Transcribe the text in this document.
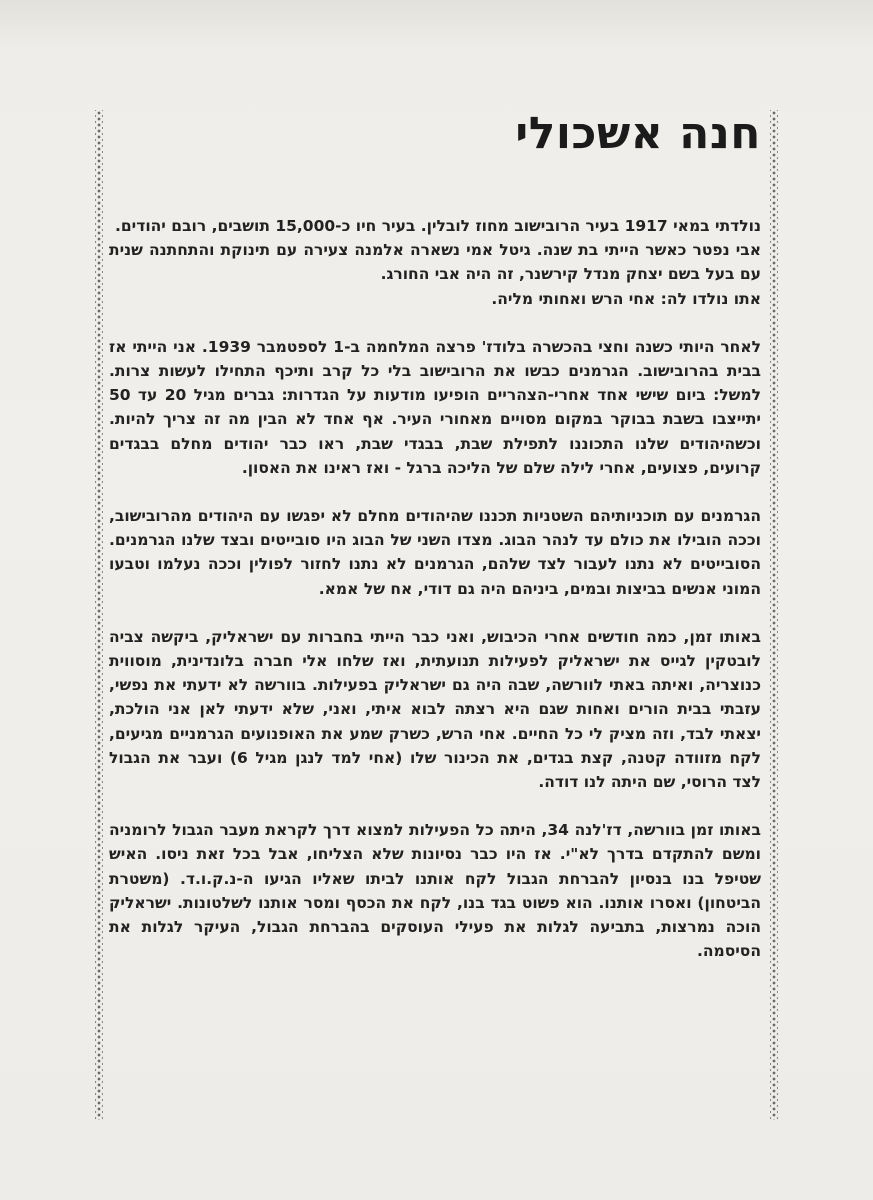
חנה אשכולי

נולדתי במאי 1917 בעיר הרובישוב מחוז לובלין. בעיר חיו כ-15,000 תושבים, רובם יהודים.

אבי נפטר כאשר הייתי בת שנה. גיטל אמי נשארה אלמנה צעירה עם תינוקת והתחתנה שנית עם בעל בשם יצחק מנדל קירשנר, זה היה אבי החורג.

אתו נולדו לה: אחי הרש ואחותי מליה.

לאחר היותי כשנה וחצי בהכשרה בלודז' פרצה המלחמה ב-1 לספטמבר 1939. אני הייתי אז בבית בהרובישוב. הגרמנים כבשו את הרובישוב בלי כל קרב ותיכף התחילו לעשות צרות. למשל: ביום שישי אחד אחרי-הצהריים הופיעו מודעות על הגדרות: גברים מגיל 20 עד 50 יתייצבו בשבת בבוקר במקום מסויים מאחורי העיר. אף אחד לא הבין מה זה צריך להיות. וכשהיהודים שלנו התכוננו לתפילת שבת, בבגדי שבת, ראו כבר יהודים מחלם בבגדים קרועים, פצועים, אחרי לילה שלם של הליכה ברגל - ואז ראינו את האסון.

הגרמנים עם תוכניותיהם השטניות תכננו שהיהודים מחלם לא יפגשו עם היהודים מהרובישוב, וככה הובילו את כולם עד לנהר הבוג. מצדו השני של הבוג היו סובייטים ובצד שלנו הגרמנים. הסובייטים לא נתנו לעבור לצד שלהם, הגרמנים לא נתנו לחזור לפולין וככה נעלמו וטבעו המוני אנשים בביצות ובמים, ביניהם היה גם דודי, אח של אמא.

באותו זמן, כמה חודשים אחרי הכיבוש, ואני כבר הייתי בחברות עם ישראליק, ביקשה צביה לובטקין לגייס את ישראליק לפעילות תנועתית, ואז שלחו אלי חברה בלונדינית, מוסווית כנוצריה, ואיתה באתי לוורשה, שבה היה גם ישראליק בפעילות. בוורשה לא ידעתי את נפשי, עזבתי בבית הורים ואחות שגם היא רצתה לבוא איתי, ואני, שלא ידעתי לאן אני הולכת, יצאתי לבד, וזה מציק לי כל החיים. אחי הרש, כשרק שמע את האופנועים הגרמניים מגיעים, לקח מזוודה קטנה, קצת בגדים, את הכינור שלו (אחי למד לנגן מגיל 6) ועבר את הגבול לצד הרוסי, שם היתה לנו דודה.

באותו זמן בוורשה, דז'לנה 34, היתה כל הפעילות למצוא דרך לקראת מעבר הגבול לרומניה ומשם להתקדם בדרך לא"י. אז היו כבר נסיונות שלא הצליחו, אבל בכל זאת ניסו. האיש שטיפל בנו בנסיון להברחת הגבול לקח אותנו לביתו שאליו הגיעו ה-נ.ק.ו.ד. (משטרת הביטחון) ואסרו אותנו. הוא פשוט בגד בנו, לקח את הכסף ומסר אותנו לשלטונות. ישראליק הוכה נמרצות, בתביעה לגלות את פעילי העוסקים בהברחת הגבול, העיקר לגלות את הסיסמה.
